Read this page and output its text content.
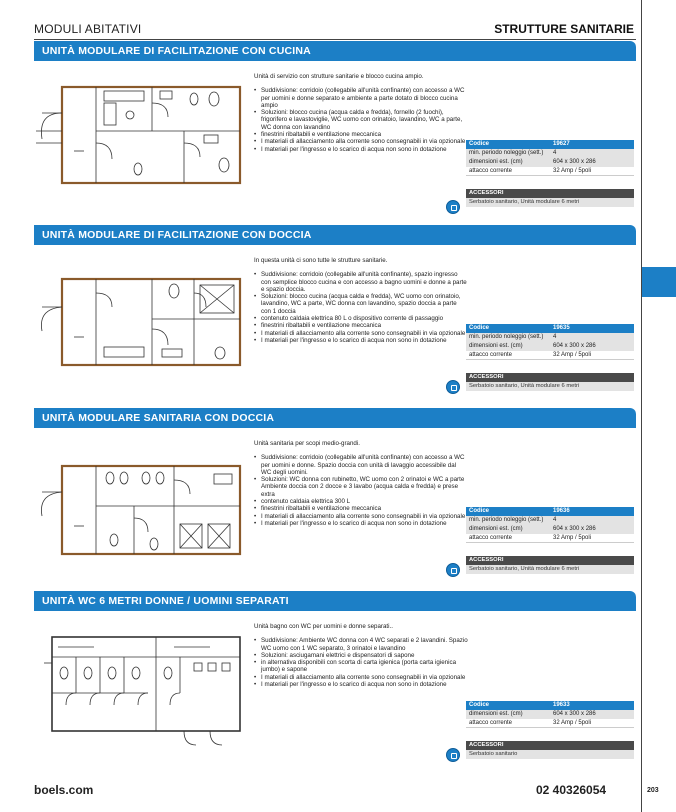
MODULI ABITATIVI	STRUTTURE SANITARIE
UNITÀ MODULARE DI FACILITAZIONE CON CUCINA

Unità di servizio con strutture sanitarie e blocco cucina ampio.

• Suddivisione: corridoio (collegabile all'unità confinante) con accesso a WC per uomini e donne separato e ambiente a parte dotato di blocco cucina ampio
• Soluzioni: blocco cucina (acqua calda e fredda), fornello (2 fuochi), frigorifero e lavastoviglie, WC uomo con orinatoio, lavandino, WC a parte, WC donna con lavandino
• finestrini ribaltabili e ventilazione meccanica
• I materiali di allacciamento alla corrente sono consegnabili in via opzionale
• I materiali per l'ingresso e lo scarico di acqua non sono in dotazione
Codice	19627
min. periodo noleggio (sett.)	4
dimensioni est. (cm)	604 x 300 x 286
attacco corrente	32 Amp / 5poli
ACCESSORI
Serbatoio sanitario, Unità modulare 6 metri
UNITÀ MODULARE DI FACILITAZIONE CON DOCCIA

In questa unità ci sono tutte le strutture sanitarie.

• Suddivisione: corridoio (collegabile all'unità confinante), spazio ingresso con semplice blocco cucina e con accesso a bagno uomini e donne a parte e spazio doccia.
• Soluzioni: blocco cucina (acqua calda e fredda), WC uomo con orinatoio, lavandino, WC a parte, WC donna con lavandino, spazio doccia a parte con 1 doccia
• contenuto caldaia elettrica 80 L o dispositivo corrente di passaggio
• finestrini ribaltabili e ventilazione meccanica
• I materiali di allacciamento alla corrente sono consegnabili in via opzionale
• I materiali per l'ingresso e lo scarico di acqua non sono in dotazione
Codice	19635
min. periodo noleggio (sett.)	4
dimensioni est. (cm)	604 x 300 x 286
attacco corrente	32 Amp / 5poli
ACCESSORI
Serbatoio sanitario, Unità modulare 6 metri
UNITÀ MODULARE SANITARIA CON DOCCIA

Unità sanitaria per scopi medio-grandi.

• Suddivisione: corridoio (collegabile all'unità confinante) con accesso a WC per uomini e donne. Spazio doccia con unità di lavaggio accessibile dal WC degli uomini.
• Soluzioni: WC donna con rubinetto, WC uomo con 2 orinatoi e WC a parte Ambiente doccia con 2 docce e 3 lavabo (acqua calda e fredda) e prese extra
• contenuto caldaia elettrica 300 L
• finestrini ribaltabili e ventilazione meccanica
• I materiali di allacciamento alla corrente sono consegnabili in via opzionale
• I materiali per l'ingresso e lo scarico di acqua non sono in dotazione
Codice	19636
min. periodo noleggio (sett.)	4
dimensioni est. (cm)	604 x 300 x 286
attacco corrente	32 Amp / 5poli
ACCESSORI
Serbatoio sanitario, Unità modulare 6 metri
UNITÀ WC 6 METRI DONNE / UOMINI SEPARATI

Unità bagno con WC per uomini e donne separati..

• Suddivisione: Ambiente WC donna con 4 WC separati e 2 lavandini. Spazio WC uomo con 1 WC separato, 3 orinatoi e lavandino
• Soluzioni: asciugamani elettrici e dispensatori di sapone
• in alternativa disponibili con scorta di carta igienica (porta carta igienica jumbo) e sapone
• I materiali di allacciamento alla corrente sono consegnabili in via opzionale
• I materiali per l'ingresso e lo scarico di acqua non sono in dotazione
Codice	19633
dimensioni est. (cm)	604 x 300 x 286
attacco corrente	32 Amp / 5poli
ACCESSORI
Serbatoio sanitario
boels.com	02 40326054	203
